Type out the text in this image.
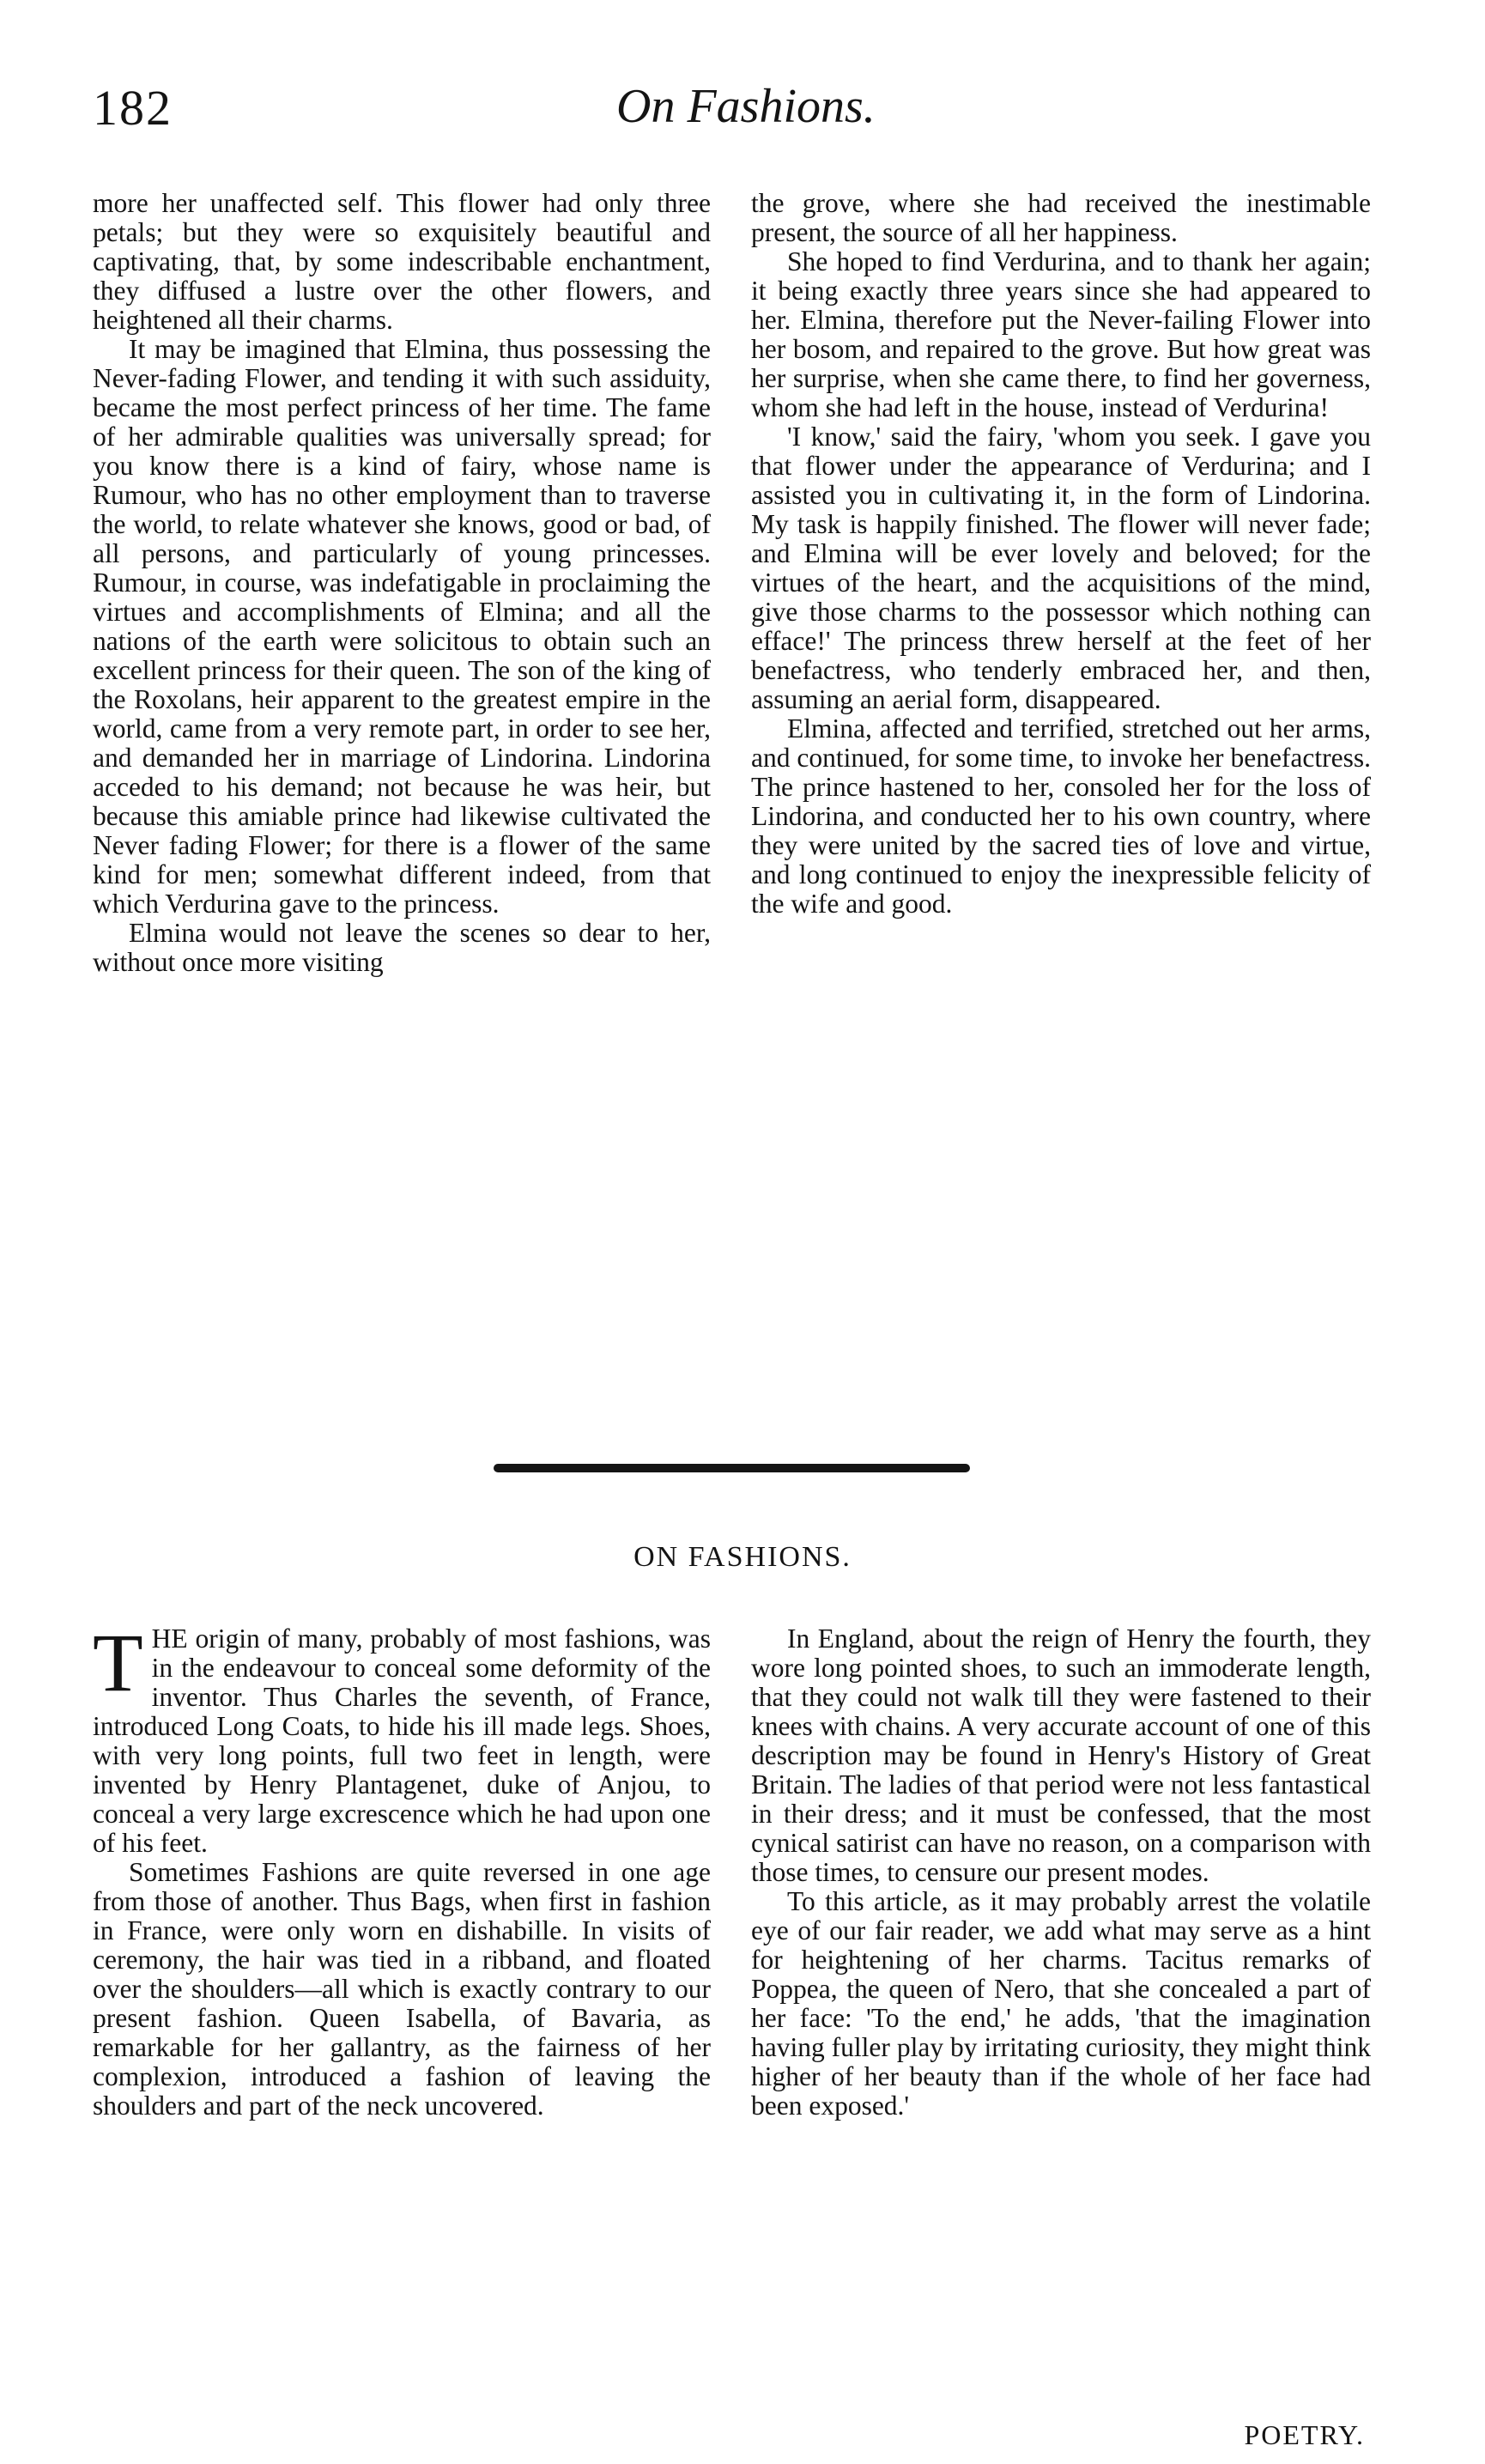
182	On Fashions.

more her unaffected self. This flower had only three petals; but they were so exquisitely beautiful and captivating, that, by some indescribable enchantment, they diffused a lustre over the other flowers, and heightened all their charms.

It may be imagined that Elmina, thus possessing the Never-fading Flower, and tending it with such assiduity, became the most perfect princess of her time. The fame of her admirable qualities was universally spread; for you know there is a kind of fairy, whose name is Rumour, who has no other employment than to traverse the world, to relate whatever she knows, good or bad, of all persons, and particularly of young princesses. Rumour, in course, was indefatigable in proclaiming the virtues and accomplishments of Elmina; and all the nations of the earth were solicitous to obtain such an excellent princess for their queen. The son of the king of the Roxolans, heir apparent to the greatest empire in the world, came from a very remote part, in order to see her, and demanded her in marriage of Lindorina. Lindorina acceded to his demand; not because he was heir, but because this amiable prince had likewise cultivated the Never fading Flower; for there is a flower of the same kind for men; somewhat different indeed, from that which Verdurina gave to the princess.

Elmina would not leave the scenes so dear to her, without once more visiting

the grove, where she had received the inestimable present, the source of all her happiness.

She hoped to find Verdurina, and to thank her again; it being exactly three years since she had appeared to her. Elmina, therefore put the Never-failing Flower into her bosom, and repaired to the grove. But how great was her surprise, when she came there, to find her governess, whom she had left in the house, instead of Verdurina!

'I know,' said the fairy, 'whom you seek. I gave you that flower under the appearance of Verdurina; and I assisted you in cultivating it, in the form of Lindorina. My task is happily finished. The flower will never fade; and Elmina will be ever lovely and beloved; for the virtues of the heart, and the acquisitions of the mind, give those charms to the possessor which nothing can efface!' The princess threw herself at the feet of her benefactress, who tenderly embraced her, and then, assuming an aerial form, disappeared.

Elmina, affected and terrified, stretched out her arms, and continued, for some time, to invoke her benefactress. The prince hastened to her, consoled her for the loss of Lindorina, and conducted her to his own country, where they were united by the sacred ties of love and virtue, and long continued to enjoy the inexpressible felicity of the wife and good.

ON FASHIONS.

THE origin of many, probably of most fashions, was in the endeavour to conceal some deformity of the inventor. Thus Charles the seventh, of France, introduced Long Coats, to hide his ill made legs. Shoes, with very long points, full two feet in length, were invented by Henry Plantagenet, duke of Anjou, to conceal a very large excrescence which he had upon one of his feet.

Sometimes Fashions are quite reversed in one age from those of another. Thus Bags, when first in fashion in France, were only worn en dishabille. In visits of ceremony, the hair was tied in a ribband, and floated over the shoulders—all which is exactly contrary to our present fashion. Queen Isabella, of Bavaria, as remarkable for her gallantry, as the fairness of her complexion, introduced a fashion of leaving the shoulders and part of the neck uncovered.

In England, about the reign of Henry the fourth, they wore long pointed shoes, to such an immoderate length, that they could not walk till they were fastened to their knees with chains. A very accurate account of one of this description may be found in Henry's History of Great Britain. The ladies of that period were not less fantastical in their dress; and it must be confessed, that the most cynical satirist can have no reason, on a comparison with those times, to censure our present modes.

To this article, as it may probably arrest the volatile eye of our fair reader, we add what may serve as a hint for heightening of her charms. Tacitus remarks of Poppea, the queen of Nero, that she concealed a part of her face: 'To the end,' he adds, 'that the imagination having fuller play by irritating curiosity, they might think higher of her beauty than if the whole of her face had been exposed.'

POETRY.
